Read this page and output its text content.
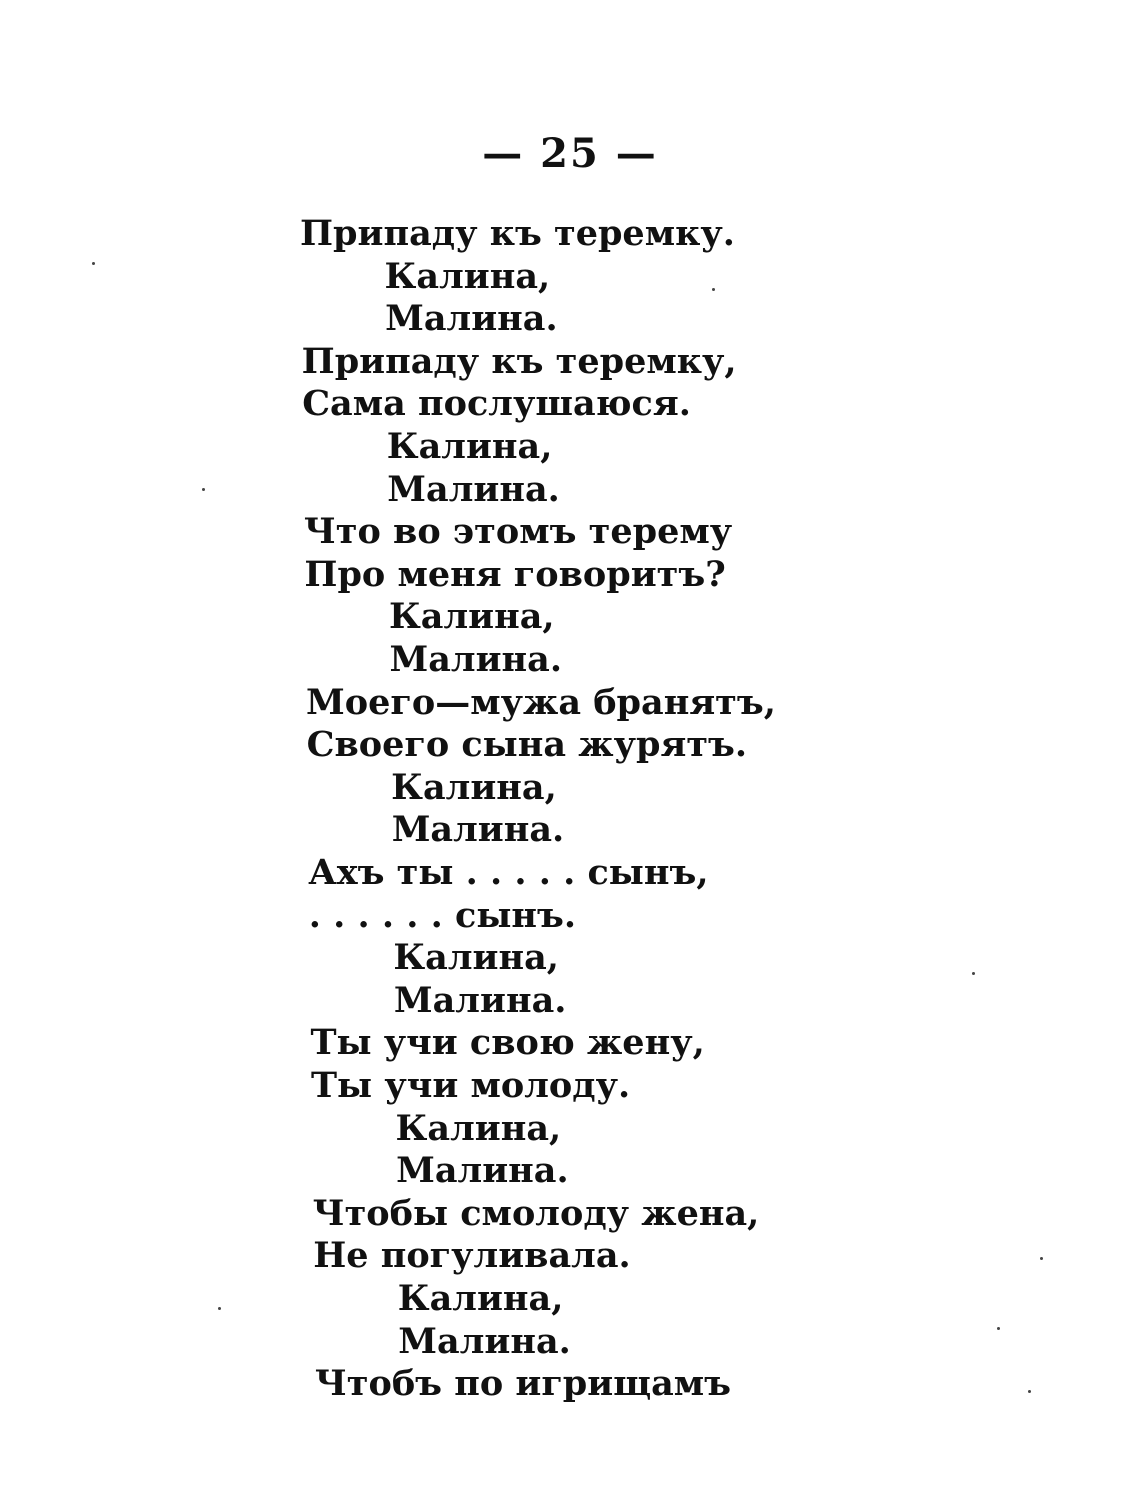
— 25 —
Припаду къ теремку.
Калина,
Малина.
Припаду къ теремку,
Сама послушаюся.
Калина,
Малина.
Что во этомъ терему
Про меня говоритъ?
Калина,
Малина.
Моего—мужа бранятъ,
Своего сына журятъ.
Калина,
Малина.
Ахъ ты . . . . . сынъ,
. . . . . . сынъ.
Калина,
Малина.
Ты учи свою жену,
Ты учи молоду.
Калина,
Малина.
Чтобы смолоду жена,
Не погуливала.
Калина,
Малина.
Чтобъ по игрищамъ
